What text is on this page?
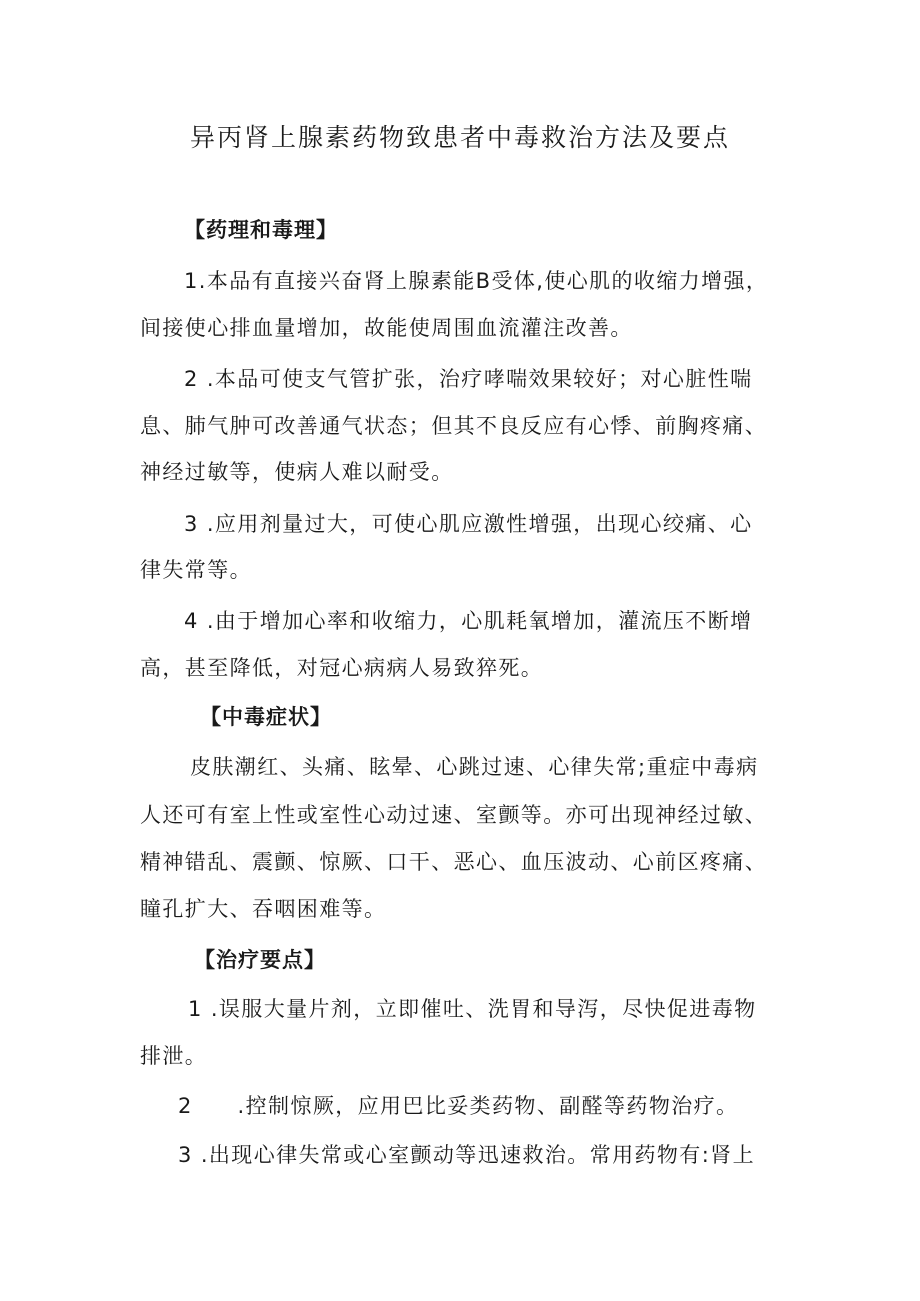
异丙肾上腺素药物致患者中毒救治方法及要点
【药理和毒理】
1.本品有直接兴奋肾上腺素能B受体,使心肌的收缩力增强，
间接使心排血量增加，故能使周围血流灌注改善。
2 .本品可使支气管扩张，治疗哮喘效果较好；对心脏性喘
息、肺气肿可改善通气状态；但其不良反应有心悸、前胸疼痛、
神经过敏等，使病人难以耐受。
3 .应用剂量过大，可使心肌应激性增强，出现心绞痛、心
律失常等。
4 .由于增加心率和收缩力，心肌耗氧增加，灌流压不断增
高，甚至降低，对冠心病病人易致猝死。
【中毒症状】
皮肤潮红、头痛、眩晕、心跳过速、心律失常;重症中毒病
人还可有室上性或室性心动过速、室颤等。亦可出现神经过敏、
精神错乱、震颤、惊厥、口干、恶心、血压波动、心前区疼痛、
瞳孔扩大、吞咽困难等。
【治疗要点】
1 .误服大量片剂，立即催吐、洗胃和导泻，尽快促进毒物
排泄。
2　　.控制惊厥，应用巴比妥类药物、副醛等药物治疗。
3 .出现心律失常或心室颤动等迅速救治。常用药物有:肾上
